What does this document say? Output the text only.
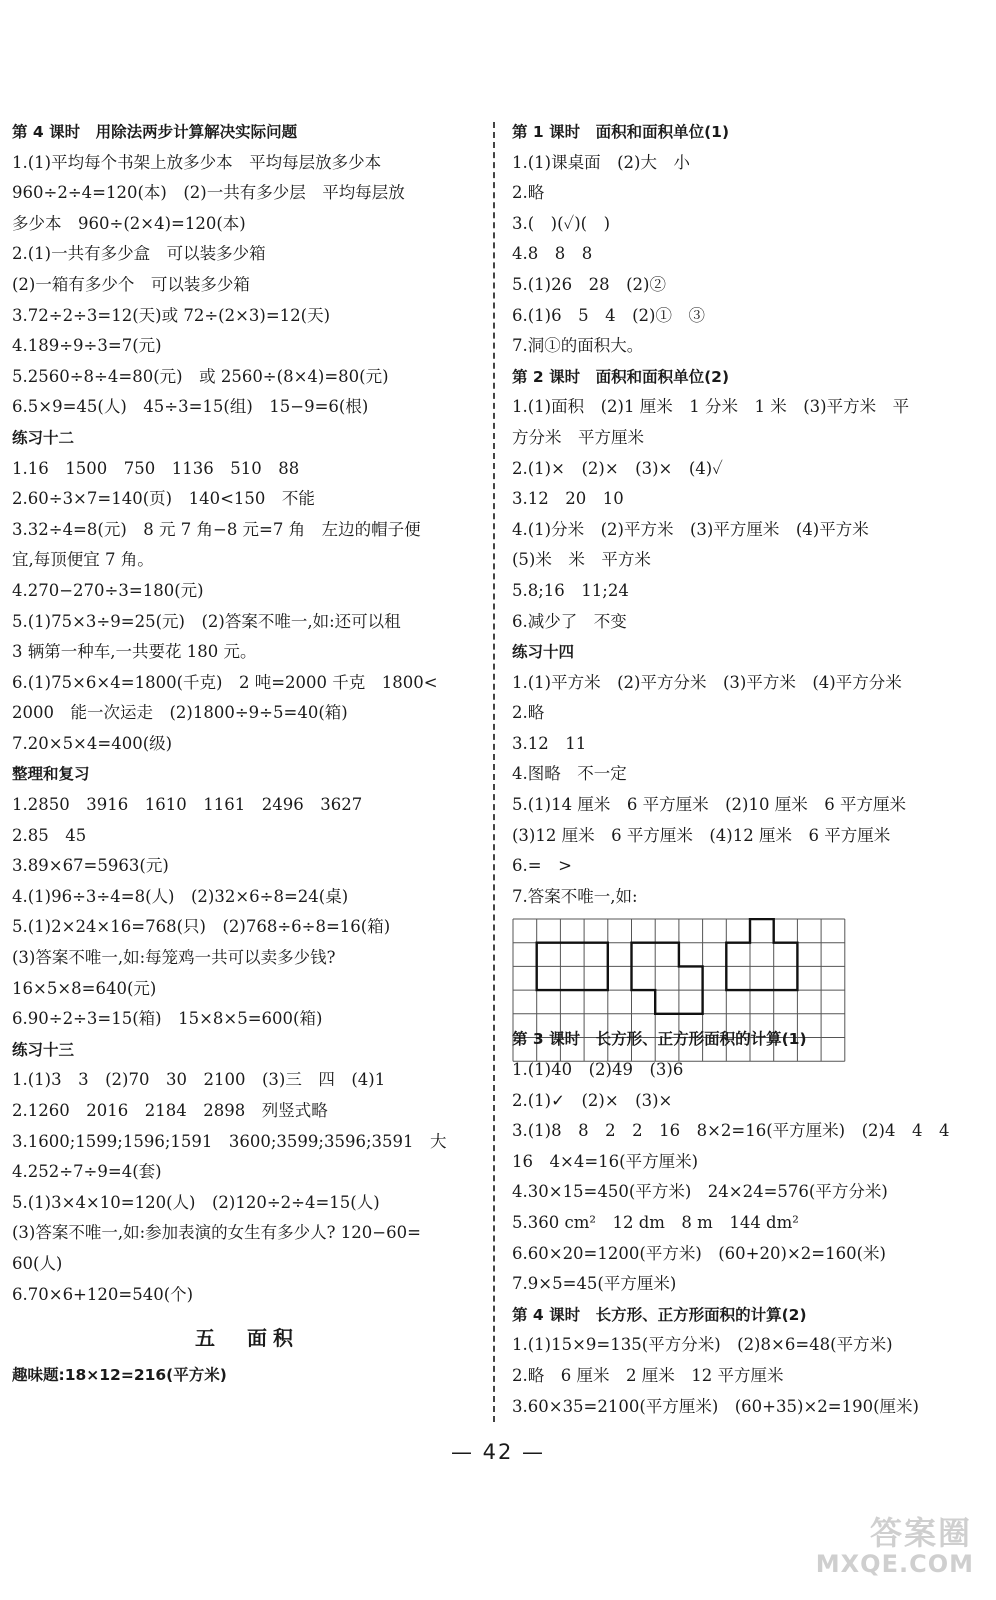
第 4 课时　用除法两步计算解决实际问题
1.(1)平均每个书架上放多少本　平均每层放多少本
960÷2÷4=120(本)　(2)一共有多少层　平均每层放
多少本　960÷(2×4)=120(本)
2.(1)一共有多少盒　可以装多少箱
(2)一箱有多少个　可以装多少箱
3.72÷2÷3=12(天)或 72÷(2×3)=12(天)
4.189÷9÷3=7(元)
5.2560÷8÷4=80(元)　或 2560÷(8×4)=80(元)
6.5×9=45(人)　45÷3=15(组)　15−9=6(根)
练习十二
1.16　1500　750　1136　510　88
2.60÷3×7=140(页)　140<150　不能
3.32÷4=8(元)　8 元 7 角−8 元=7 角　左边的帽子便
宜,每顶便宜 7 角。
4.270−270÷3=180(元)
5.(1)75×3÷9=25(元)　(2)答案不唯一,如:还可以租
3 辆第一种车,一共要花 180 元。
6.(1)75×6×4=1800(千克)　2 吨=2000 千克　1800<
2000　能一次运走　(2)1800÷9÷5=40(箱)
7.20×5×4=400(级)
整理和复习
1.2850　3916　1610　1161　2496　3627
2.85　45
3.89×67=5963(元)
4.(1)96÷3÷4=8(人)　(2)32×6÷8=24(桌)
5.(1)2×24×16=768(只)　(2)768÷6÷8=16(箱)
(3)答案不唯一,如:每笼鸡一共可以卖多少钱?
16×5×8=640(元)
6.90÷2÷3=15(箱)　15×8×5=600(箱)
练习十三
1.(1)3　3　(2)70　30　2100　(3)三　四　(4)1
2.1260　2016　2184　2898　列竖式略
3.1600;1599;1596;1591　3600;3599;3596;3591　大
4.252÷7÷9=4(套)
5.(1)3×4×10=120(人)　(2)120÷2÷4=15(人)
(3)答案不唯一,如:参加表演的女生有多少人? 120−60=
60(人)
6.70×6+120=540(个)
五　面积
趣味题:18×12=216(平方米)
第 1 课时　面积和面积单位(1)
1.(1)课桌面　(2)大　小
2.略
3.(　)(✓)(　)
4.8　8　8
5.(1)26　28　(2)②
6.(1)6　5　4　(2)①　③
7.洞①的面积大。
第 2 课时　面积和面积单位(2)
1.(1)面积　(2)1 厘米　1 分米　1 米　(3)平方米　平
方分米　平方厘米
2.(1)×　(2)×　(3)×　(4)✓
3.12　20　10
4.(1)分米　(2)平方米　(3)平方厘米　(4)平方米
(5)米　米　平方米
5.8;16　11;24
6.减少了　不变
练习十四
1.(1)平方米　(2)平方分米　(3)平方米　(4)平方分米
2.略
3.12　11
4.图略　不一定
5.(1)14 厘米　6 平方厘米　(2)10 厘米　6 平方厘米
(3)12 厘米　6 平方厘米　(4)12 厘米　6 平方厘米
6.=　>
7.答案不唯一,如:
第 3 课时　长方形、正方形面积的计算(1)
1.(1)40　(2)49　(3)6
2.(1)✓　(2)×　(3)×
3.(1)8　8　2　2　16　8×2=16(平方厘米)　(2)4　4　4
16　4×4=16(平方厘米)
4.30×15=450(平方米)　24×24=576(平方分米)
5.360 cm²　12 dm　8 m　144 dm²
6.60×20=1200(平方米)　(60+20)×2=160(米)
7.9×5=45(平方厘米)
第 4 课时　长方形、正方形面积的计算(2)
1.(1)15×9=135(平方分米)　(2)8×6=48(平方米)
2.略　6 厘米　2 厘米　12 平方厘米
3.60×35=2100(平方厘米)　(60+35)×2=190(厘米)
— 42 —
答案圈
MXQE.COM
